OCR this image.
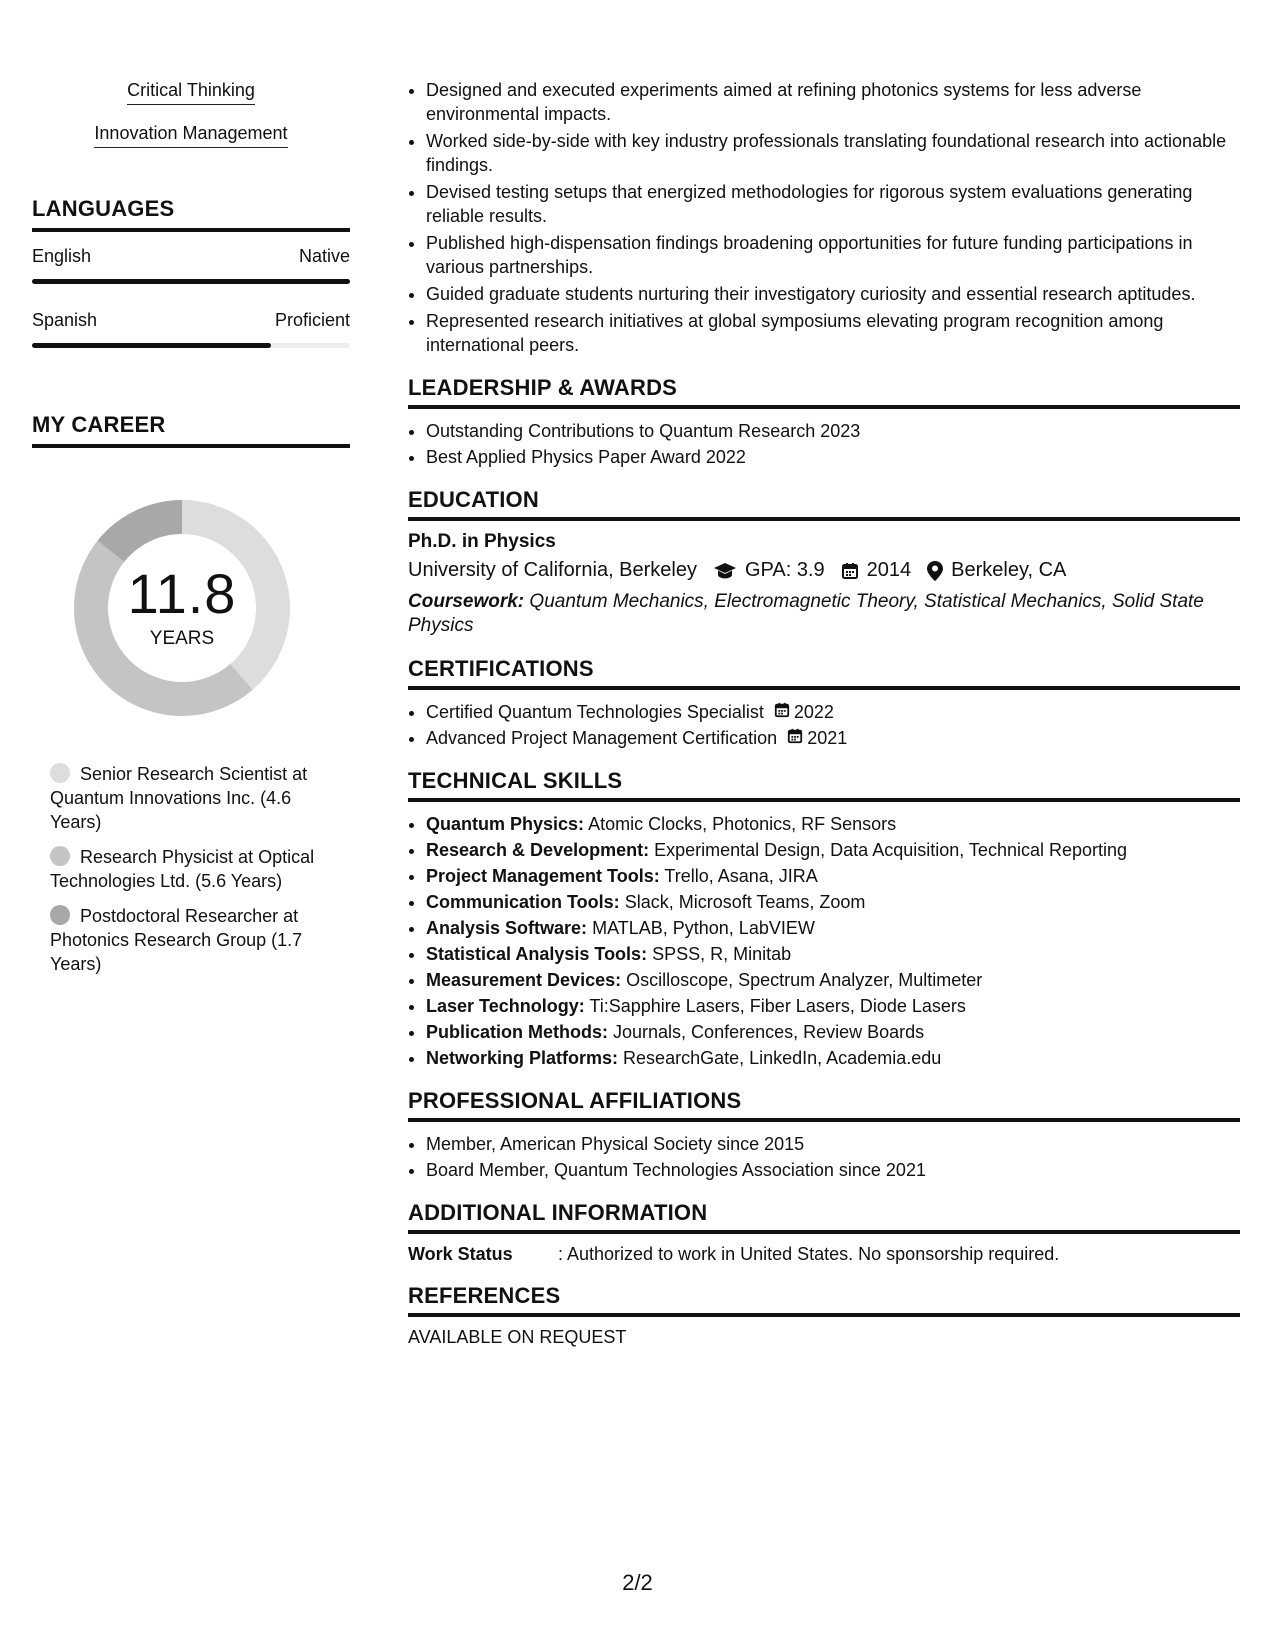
Critical Thinking
Innovation Management
LANGUAGES
English	Native
Spanish	Proficient
MY CAREER
11.8
YEARS
Senior Research Scientist at Quantum Innovations Inc. (4.6 Years)
Research Physicist at Optical Technologies Ltd. (5.6 Years)
Postdoctoral Researcher at Photonics Research Group (1.7 Years)
• Designed and executed experiments aimed at refining photonics systems for less adverse environmental impacts.
• Worked side-by-side with key industry professionals translating foundational research into actionable findings.
• Devised testing setups that energized methodologies for rigorous system evaluations generating reliable results.
• Published high-dispensation findings broadening opportunities for future funding participations in various partnerships.
• Guided graduate students nurturing their investigatory curiosity and essential research aptitudes.
• Represented research initiatives at global symposiums elevating program recognition among international peers.
LEADERSHIP & AWARDS
• Outstanding Contributions to Quantum Research 2023
• Best Applied Physics Paper Award 2022
EDUCATION
Ph.D. in Physics
University of California, Berkeley GPA: 3.9 2014 Berkeley, CA
Coursework: Quantum Mechanics, Electromagnetic Theory, Statistical Mechanics, Solid State Physics
CERTIFICATIONS
• Certified Quantum Technologies Specialist 2022
• Advanced Project Management Certification 2021
TECHNICAL SKILLS
• Quantum Physics: Atomic Clocks, Photonics, RF Sensors
• Research & Development: Experimental Design, Data Acquisition, Technical Reporting
• Project Management Tools: Trello, Asana, JIRA
• Communication Tools: Slack, Microsoft Teams, Zoom
• Analysis Software: MATLAB, Python, LabVIEW
• Statistical Analysis Tools: SPSS, R, Minitab
• Measurement Devices: Oscilloscope, Spectrum Analyzer, Multimeter
• Laser Technology: Ti:Sapphire Lasers, Fiber Lasers, Diode Lasers
• Publication Methods: Journals, Conferences, Review Boards
• Networking Platforms: ResearchGate, LinkedIn, Academia.edu
PROFESSIONAL AFFILIATIONS
• Member, American Physical Society since 2015
• Board Member, Quantum Technologies Association since 2021
ADDITIONAL INFORMATION
Work Status	: Authorized to work in United States. No sponsorship required.
REFERENCES
AVAILABLE ON REQUEST
2/2
